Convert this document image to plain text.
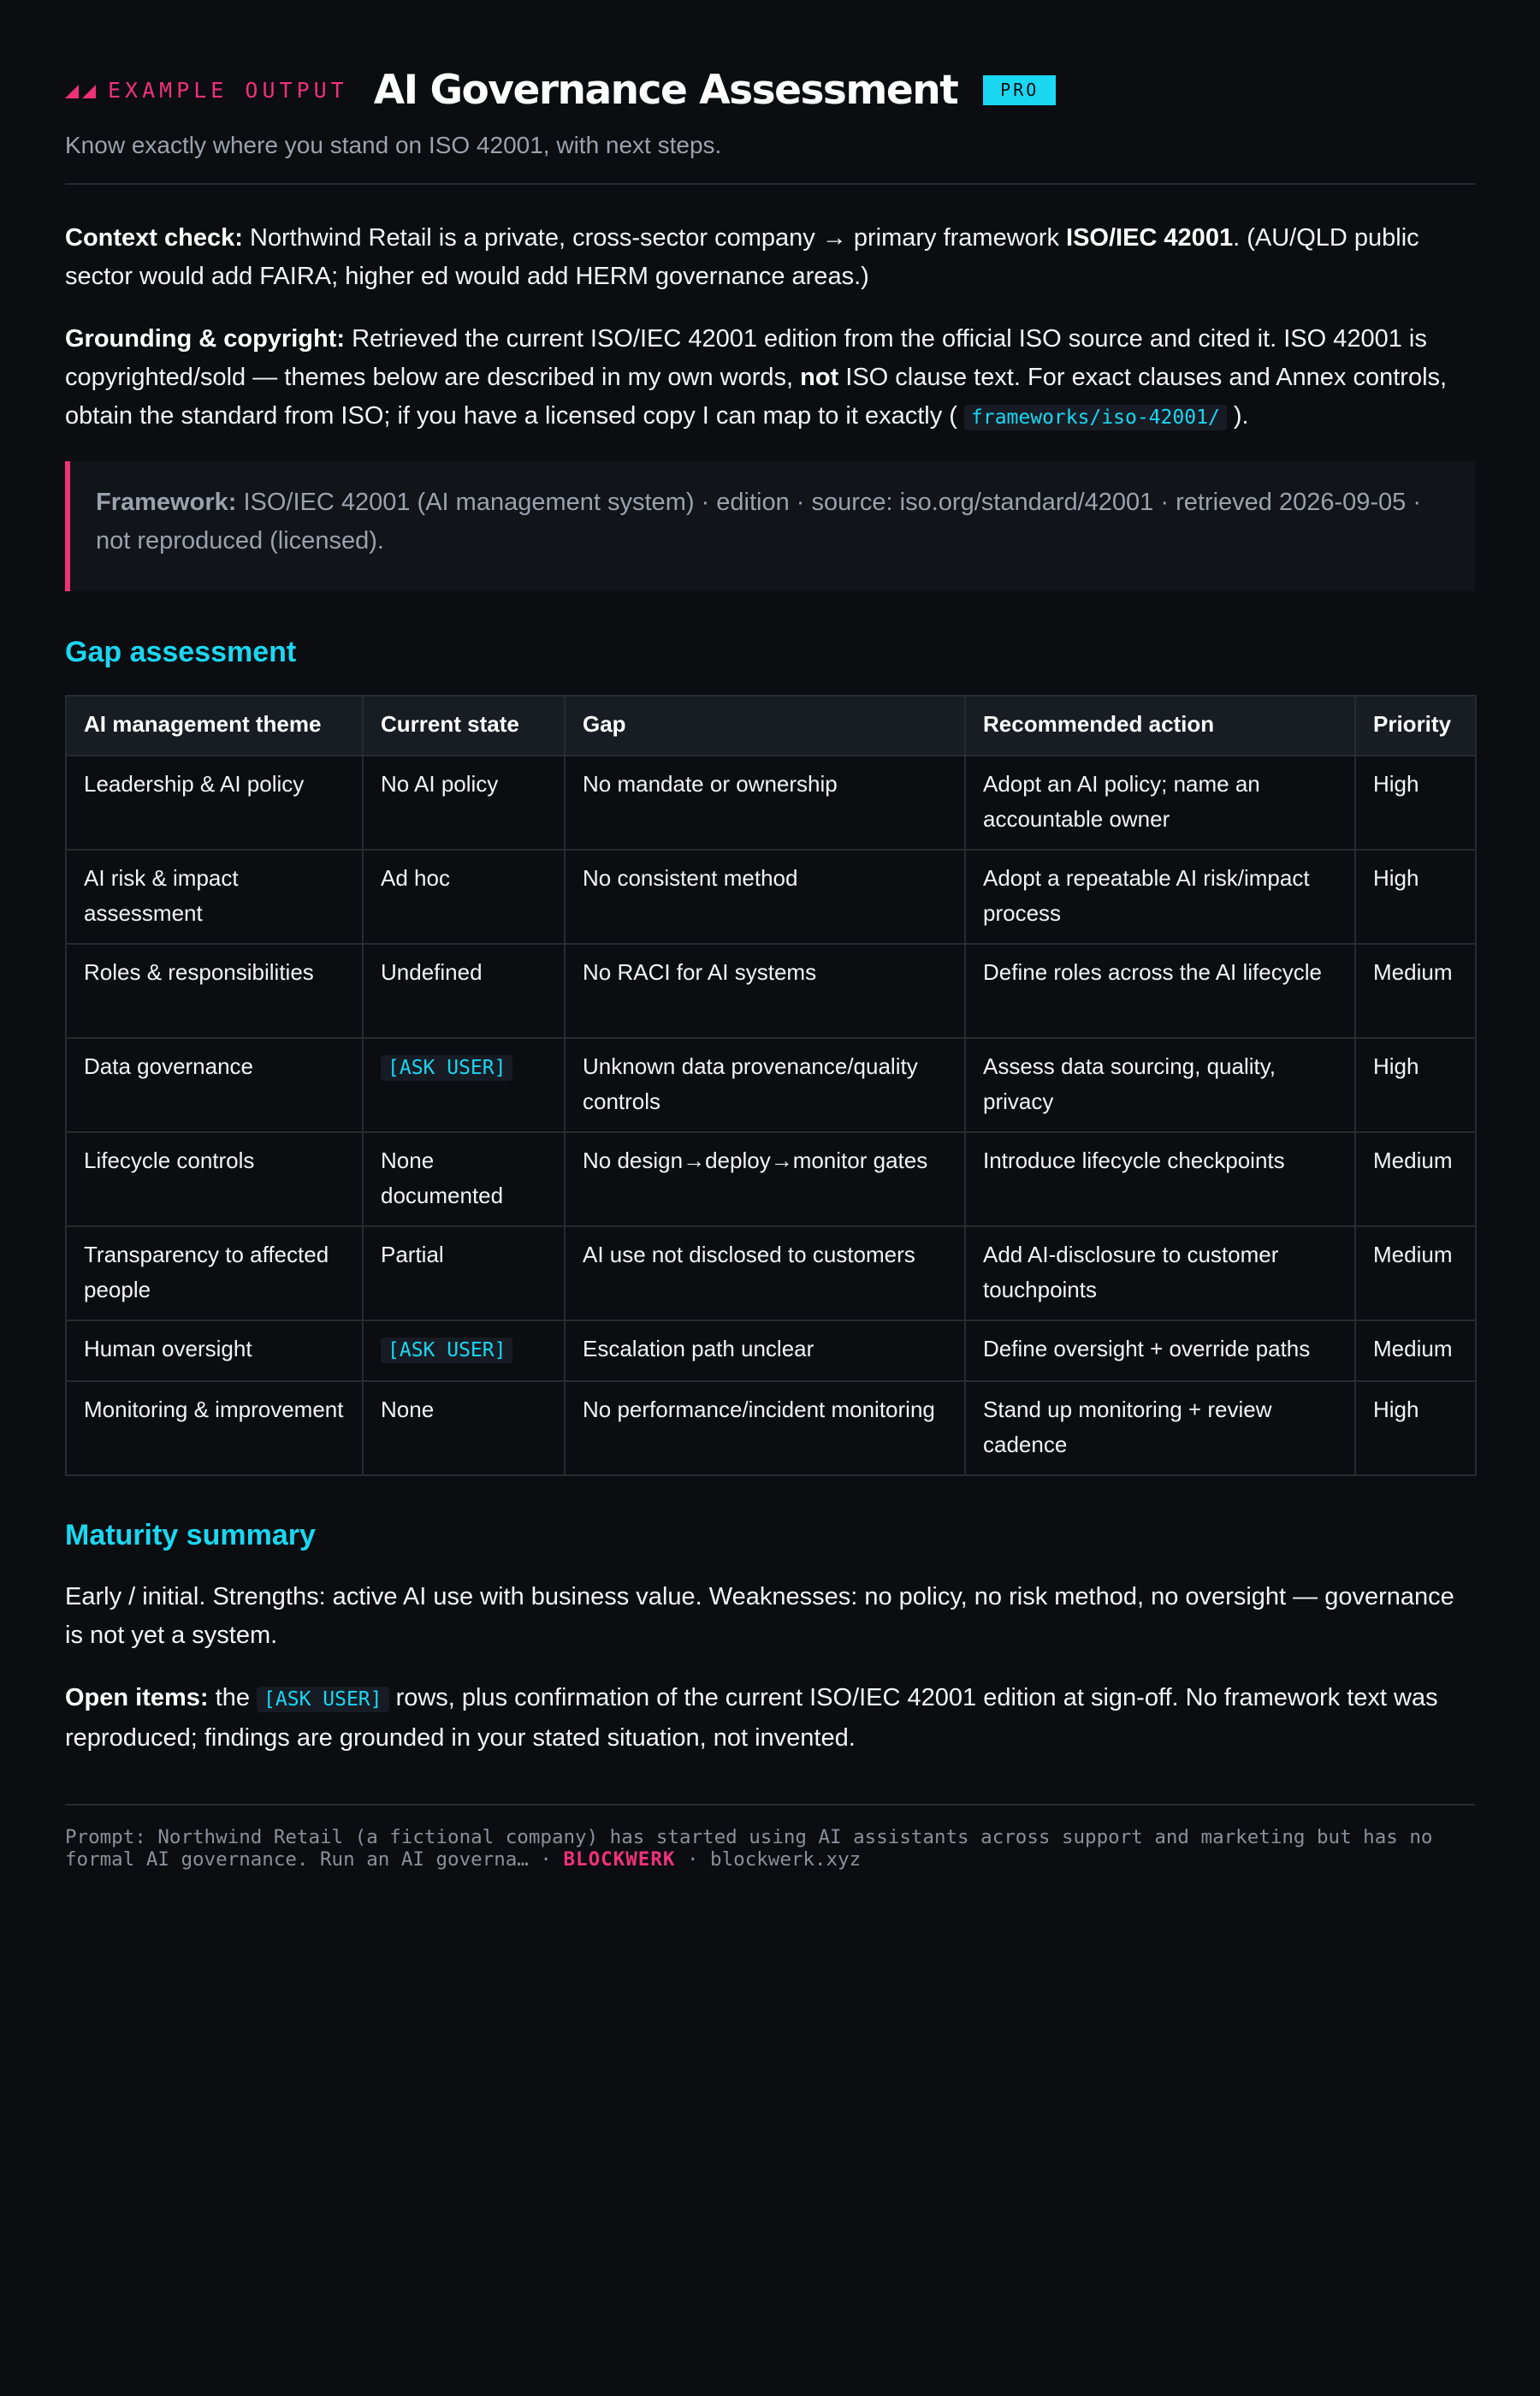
EXAMPLE OUTPUT AI Governance Assessment	PRO
Know exactly where you stand on ISO 42001, with next steps.

Context check: Northwind Retail is a private, cross-sector company → primary framework ISO/IEC 42001. (AU/QLD public sector would add FAIRA; higher ed would add HERM governance areas.)

Grounding & copyright: Retrieved the current ISO/IEC 42001 edition from the official ISO source and cited it. ISO 42001 is copyrighted/sold — themes below are described in my own words, not ISO clause text. For exact clauses and Annex controls, obtain the standard from ISO; if you have a licensed copy I can map to it exactly ( frameworks/iso-42001/ ).

Framework: ISO/IEC 42001 (AI management system) · edition · source: iso.org/standard/42001 · retrieved 2026-09-05 · not reproduced (licensed).
Gap assessment
AI management theme	Current state	Gap	Recommended action	Priority
Leadership & AI policy	No AI policy	No mandate or ownership	Adopt an AI policy; name an accountable owner	High
AI risk & impact assessment	Ad hoc	No consistent method	Adopt a repeatable AI risk/impact process	High
Roles & responsibilities	Undefined	No RACI for AI systems	Define roles across the AI lifecycle	Medium
Data governance	[ASK USER]	Unknown data provenance/quality controls	Assess data sourcing, quality, privacy	High
Lifecycle controls	None documented	No design→deploy→monitor gates	Introduce lifecycle checkpoints	Medium
Transparency to affected people	Partial	AI use not disclosed to customers	Add AI-disclosure to customer touchpoints	Medium
Human oversight	[ASK USER]	Escalation path unclear	Define oversight + override paths	Medium
Monitoring & improvement	None	No performance/incident monitoring	Stand up monitoring + review cadence	High
Maturity summary

Early / initial. Strengths: active AI use with business value. Weaknesses: no policy, no risk method, no oversight — governance is not yet a system.

Open items: the [ASK USER] rows, plus confirmation of the current ISO/IEC 42001 edition at sign-off. No framework text was reproduced; findings are grounded in your stated situation, not invented.

Prompt: Northwind Retail (a fictional company) has started using AI assistants across support and marketing but has no formal AI governance. Run an AI governa… · BLOCKWERK · blockwerk.xyz
